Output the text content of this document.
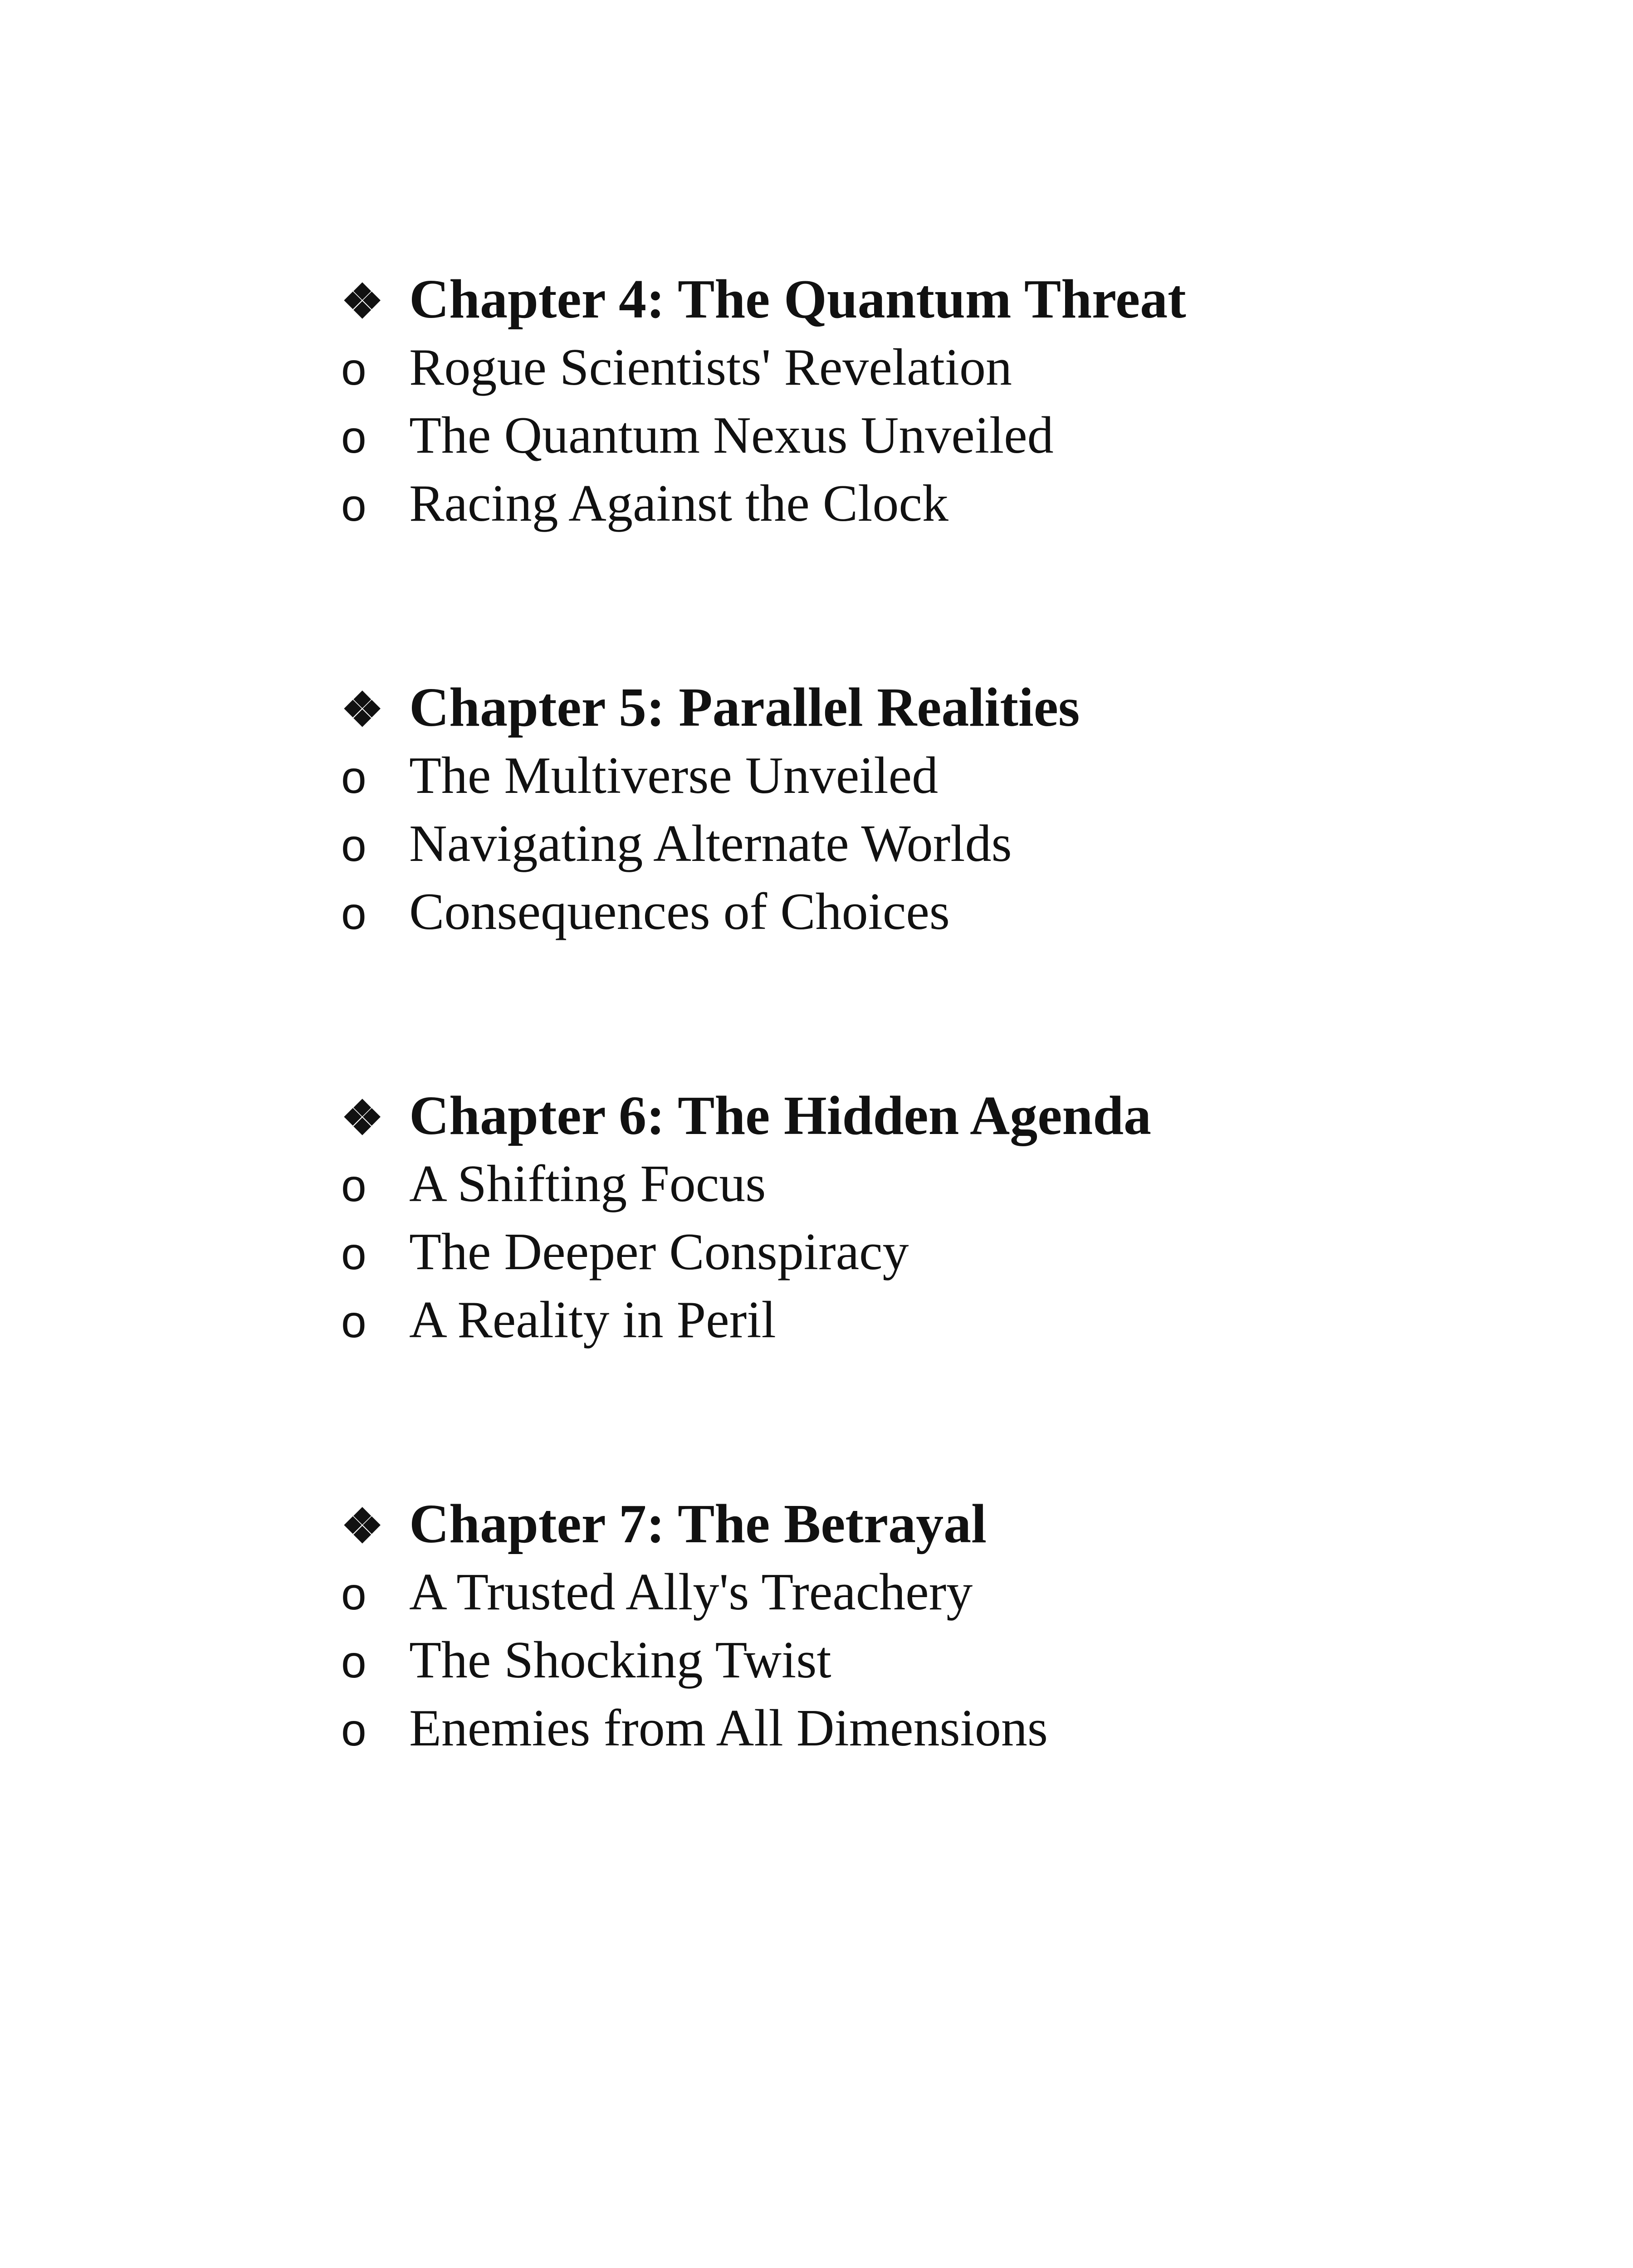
❖ Chapter 4: The Quantum Threat
o Rogue Scientists' Revelation
o The Quantum Nexus Unveiled
o Racing Against the Clock
❖ Chapter 5: Parallel Realities
o The Multiverse Unveiled
o Navigating Alternate Worlds
o Consequences of Choices
❖ Chapter 6: The Hidden Agenda
o A Shifting Focus
o The Deeper Conspiracy
o A Reality in Peril
❖ Chapter 7: The Betrayal
o A Trusted Ally's Treachery
o The Shocking Twist
o Enemies from All Dimensions
